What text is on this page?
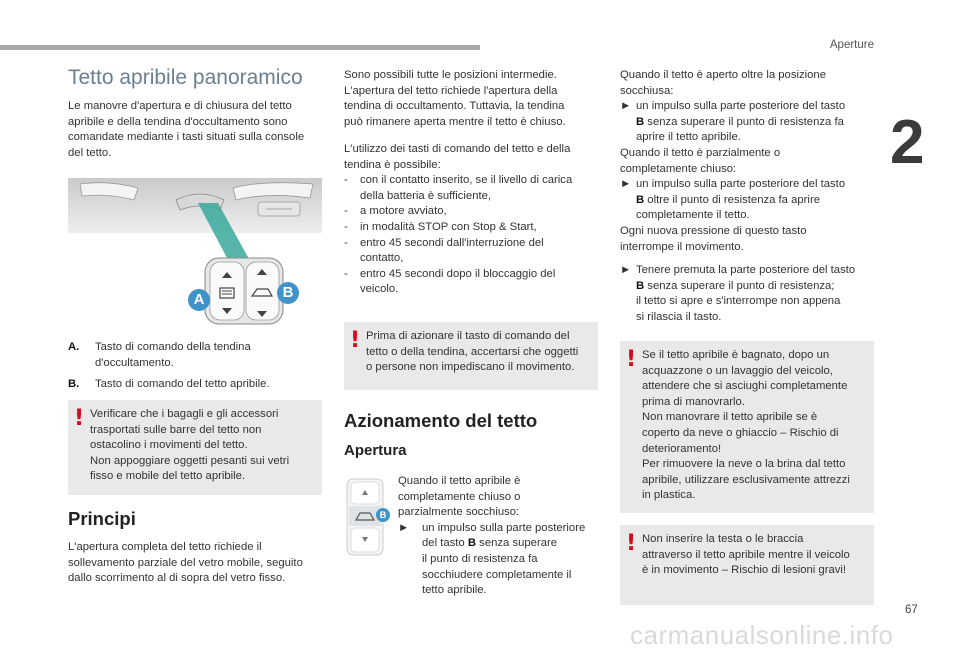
Aperture
2
67
carmanualsonline.info
Tetto apribile panoramico
Le manovre d'apertura e di chiusura del tetto
apribile e della tendina d'occultamento sono
comandate mediante i tasti situati sulla console
del tetto.
A	B
A. Tasto di comando della tendina
d'occultamento.
B. Tasto di comando del tetto apribile.
! Verificare che i bagagli e gli accessori
trasportati sulle barre del tetto non
ostacolino i movimenti del tetto.
Non appoggiare oggetti pesanti sui vetri
fisso e mobile del tetto apribile.
Principi
L'apertura completa del tetto richiede il
sollevamento parziale del vetro mobile, seguito
dallo scorrimento al di sopra del vetro fisso.
Sono possibili tutte le posizioni intermedie.
L'apertura del tetto richiede l'apertura della
tendina di occultamento. Tuttavia, la tendina
può rimanere aperta mentre il tetto è chiuso.
L'utilizzo dei tasti di comando del tetto e della
tendina è possibile:
- con il contatto inserito, se il livello di carica
della batteria è sufficiente,
- a motore avviato,
- in modalità STOP con Stop & Start,
- entro 45 secondi dall'interruzione del
contatto,
- entro 45 secondi dopo il bloccaggio del
veicolo.
! Prima di azionare il tasto di comando del
tetto o della tendina, accertarsi che oggetti
o persone non impediscano il movimento.
Azionamento del tetto
Apertura
B
Quando il tetto apribile è
completamente chiuso o
parzialmente socchiuso:
► un impulso sulla parte posteriore
del tasto B senza superare
il punto di resistenza fa
socchiudere completamente il
tetto apribile.
Quando il tetto è aperto oltre la posizione
socchiusa:
► un impulso sulla parte posteriore del tasto
B senza superare il punto di resistenza fa
aprire il tetto apribile.
Quando il tetto è parzialmente o
completamente chiuso:
► un impulso sulla parte posteriore del tasto
B oltre il punto di resistenza fa aprire
completamente il tetto.
Ogni nuova pressione di questo tasto
interrompe il movimento.
► Tenere premuta la parte posteriore del tasto
B senza superare il punto di resistenza;
il tetto si apre e s'interrompe non appena
si rilascia il tasto.
! Se il tetto apribile è bagnato, dopo un
acquazzone o un lavaggio del veicolo,
attendere che si asciughi completamente
prima di manovrarlo.
Non manovrare il tetto apribile se è
coperto da neve o ghiaccio – Rischio di
deterioramento!
Per rimuovere la neve o la brina dal tetto
apribile, utilizzare esclusivamente attrezzi
in plastica.
! Non inserire la testa o le braccia
attraverso il tetto apribile mentre il veicolo
è in movimento – Rischio di lesioni gravi!
